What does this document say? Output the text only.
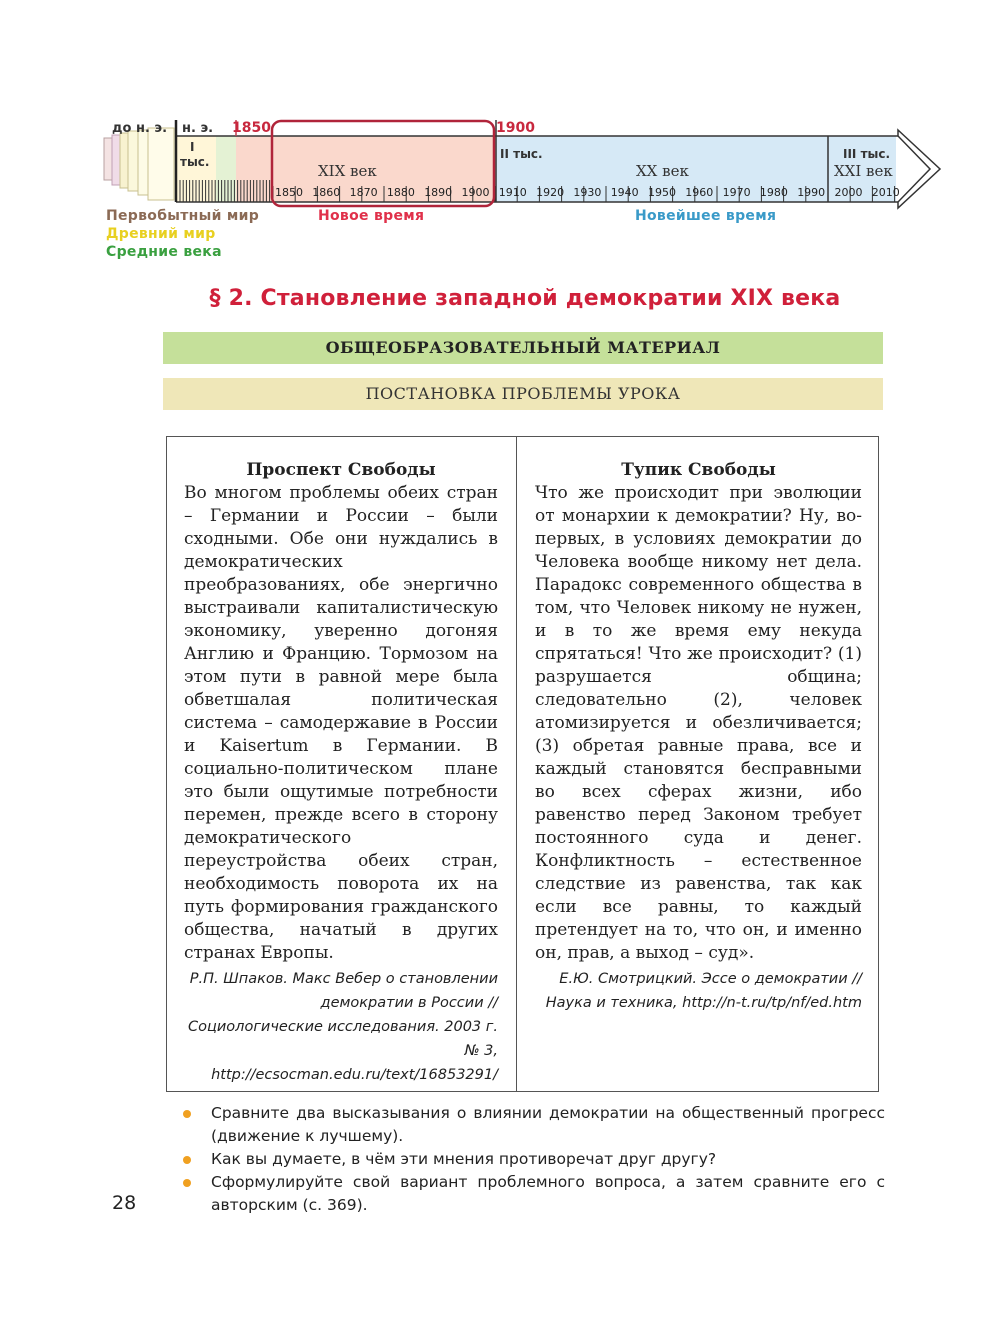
до н. э. н. э. 1850	1900
I
тыс.
II тыс.	III тыс.
XIX век	XX век	XXI век
1850 1860 1870 1880 1890 1900 1910 1920 1930 1940 1950 1960 1970 1980 1990 2000 2010
Первобытный мир
Древний мир
Средние века
Новое время	Новейшее время
§ 2. Становление западной демократии XIX века
ОБЩЕОБРАЗОВАТЕЛЬНЫЙ МАТЕРИАЛ
ПОСТАНОВКА ПРОБЛЕМЫ УРОКА
Проспект Свободы
Во многом проблемы обеих стран – Германии и России – были сходными. Обе они нуждались в демократических преобразованиях, обе энергично выстраивали капиталистическую экономику, уверенно догоняя Англию и Францию. Тормозом на этом пути в равной мере была обветшалая политическая система – самодержавие в России и Kaisertum в Германии. В социально-политическом плане это были ощутимые потребности перемен, прежде всего в сторону демократического переустройства обеих стран, необходимость поворота их на путь формирования гражданского общества, начатый в других странах Европы.
Р.П. Шпаков. Макс Вебер о становлении демократии в России // Социологические исследования. 2003 г. № 3, http://ecsocman.edu.ru/text/16853291/
Тупик Свободы
Что же происходит при эволюции от монархии к демократии? Ну, во-первых, в условиях демократии до Человека вообще никому нет дела. Парадокс современного общества в том, что Человек никому не нужен, и в то же время ему некуда спрятаться! Что же происходит? (1) разрушается община; следовательно (2), человек атомизируется и обезличивается; (3) обретая равные права, все и каждый становятся бесправными во всех сферах жизни, ибо равенство перед Законом требует постоянного суда и денег. Конфликтность – естественное следствие из равенства, так как если все равны, то каждый претендует на то, что он, и именно он, прав, а выход – суд».
Е.Ю. Смотрицкий. Эссе о демократии // Наука и техника, http://n-t.ru/tp/nf/ed.htm
Сравните два высказывания о влиянии демократии на общественный прогресс (движение к лучшему).
Как вы думаете, в чём эти мнения противоречат друг другу?
Сформулируйте свой вариант проблемного вопроса, а затем сравните его с авторским (с. 369).
28
